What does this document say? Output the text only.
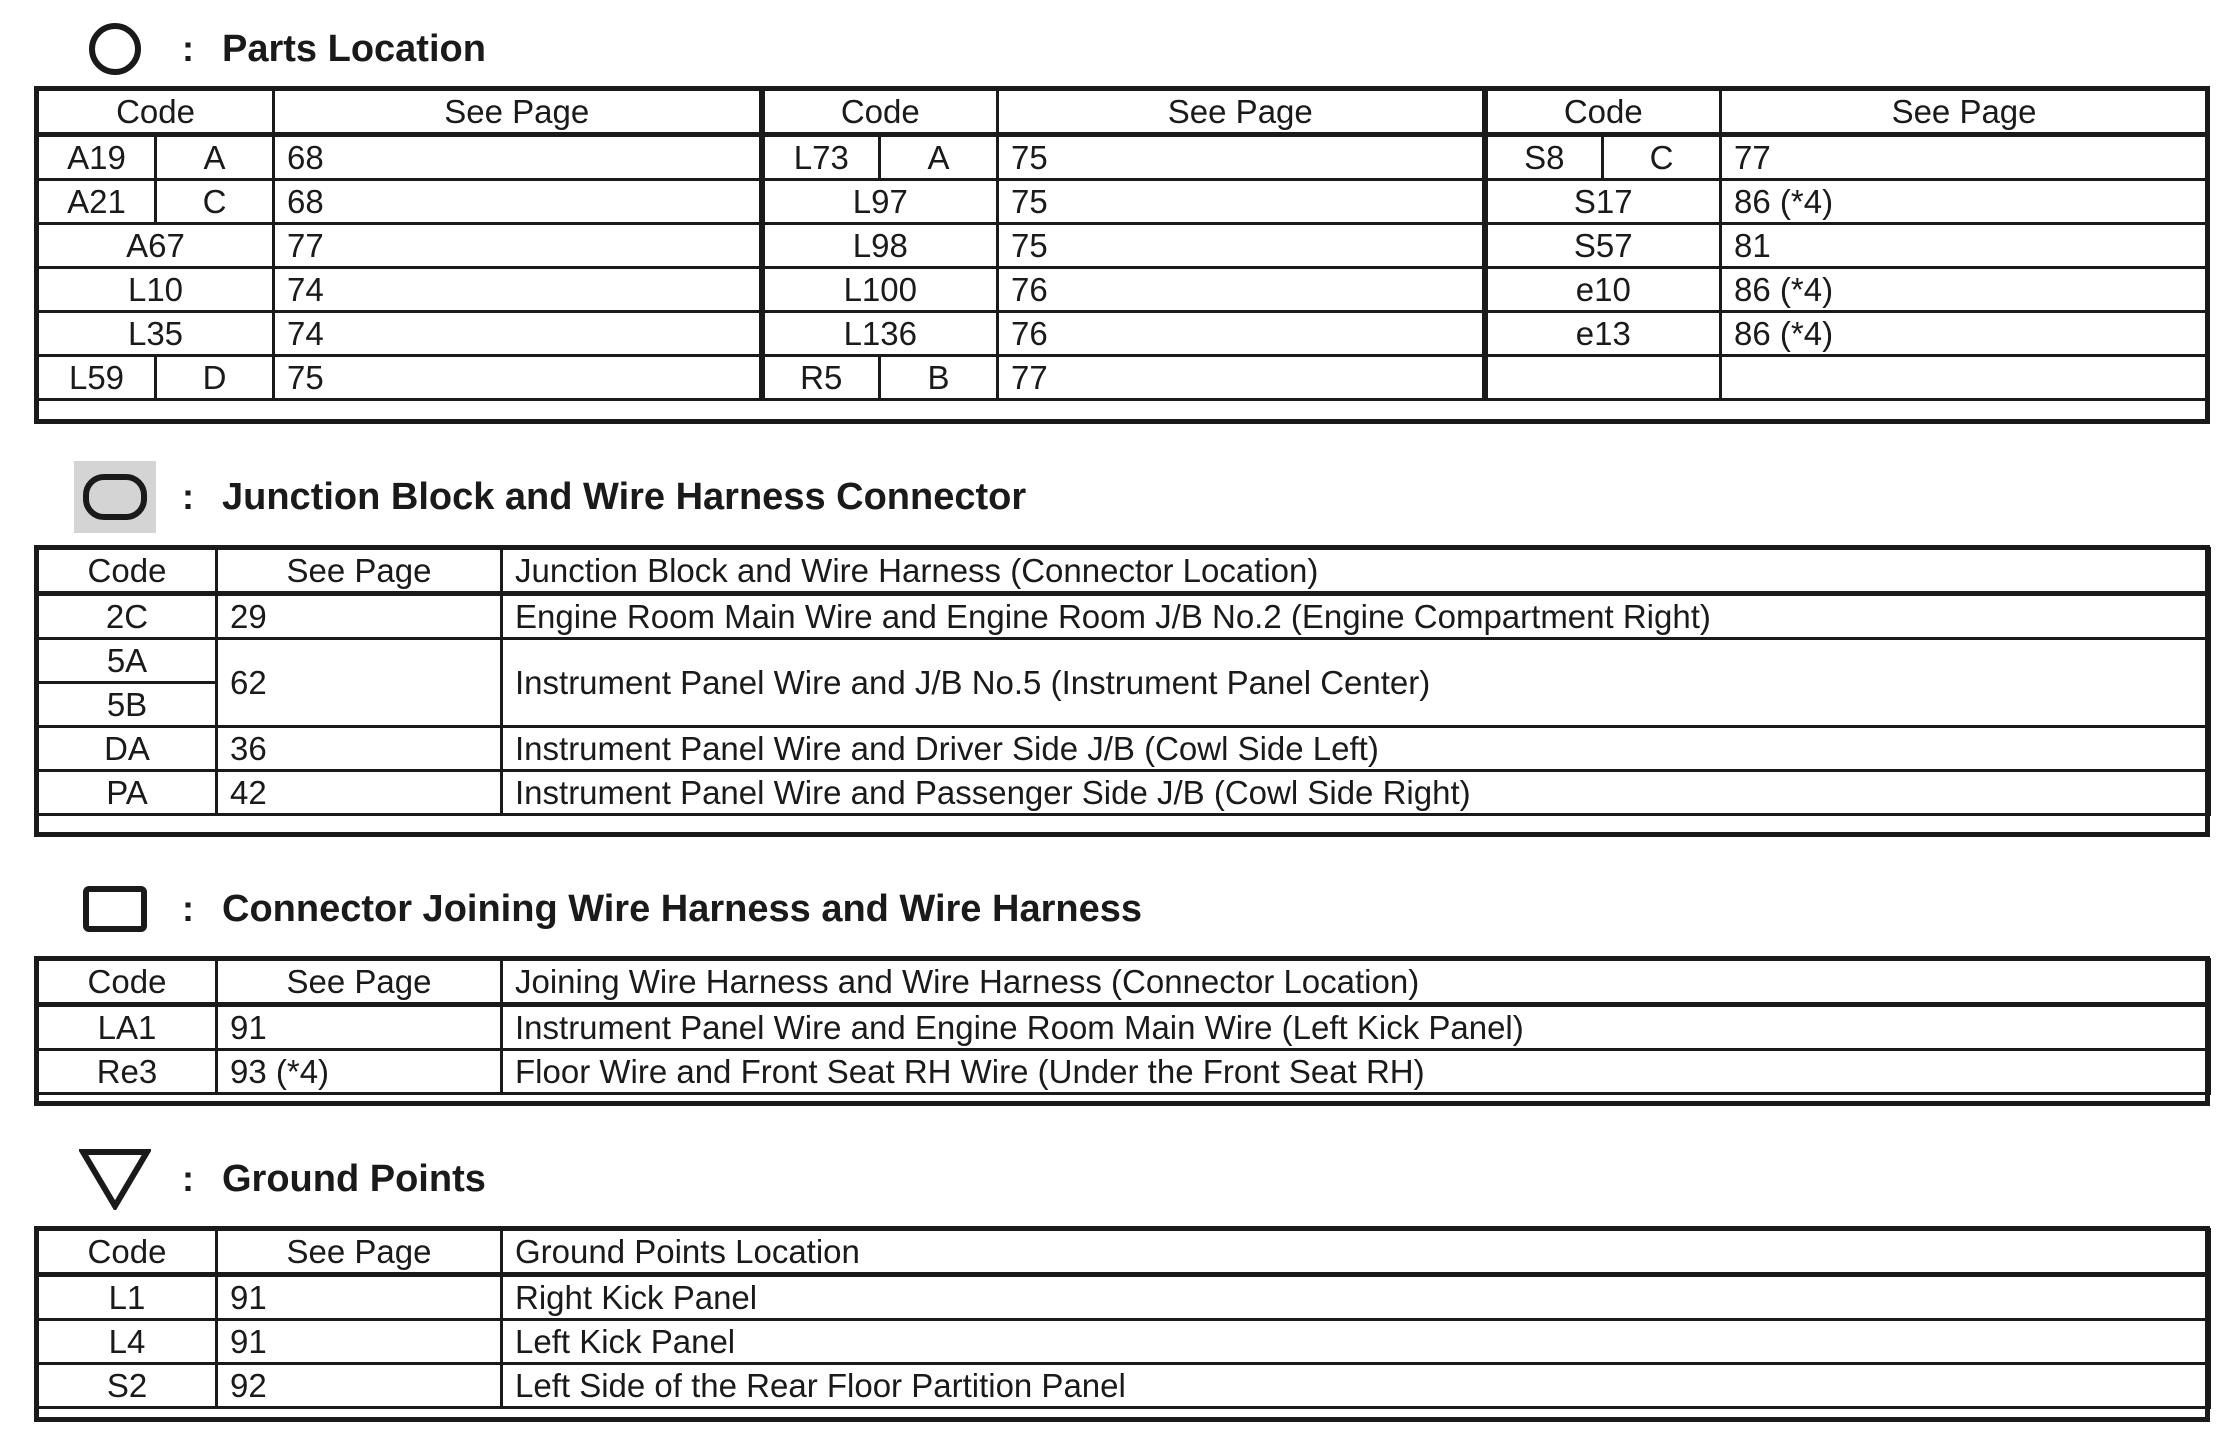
: Parts Location
Code		See Page	Code		See Page	Code		See Page
A19	A	68	L73	A	75	S8	C	77
A21	C	68	L97		75	S17		86 (*4)
A67		77	L98		75	S57		81
L10		74	L100		76	e10		86 (*4)
L35		74	L136		76	e13		86 (*4)
L59	D	75	R5	B	77			
: Junction Block and Wire Harness Connector
Code	See Page	Junction Block and Wire Harness (Connector Location)
2C	29	Engine Room Main Wire and Engine Room J/B No.2 (Engine Compartment Right)
5A	62	Instrument Panel Wire and J/B No.5 (Instrument Panel Center)
5B		
DA	36	Instrument Panel Wire and Driver Side J/B (Cowl Side Left)
PA	42	Instrument Panel Wire and Passenger Side J/B (Cowl Side Right)
: Connector Joining Wire Harness and Wire Harness
Code	See Page	Joining Wire Harness and Wire Harness (Connector Location)
LA1	91	Instrument Panel Wire and Engine Room Main Wire (Left Kick Panel)
Re3	93 (*4)	Floor Wire and Front Seat RH Wire (Under the Front Seat RH)
: Ground Points
Code	See Page	Ground Points Location
L1	91	Right Kick Panel
L4	91	Left Kick Panel
S2	92	Left Side of the Rear Floor Partition Panel
